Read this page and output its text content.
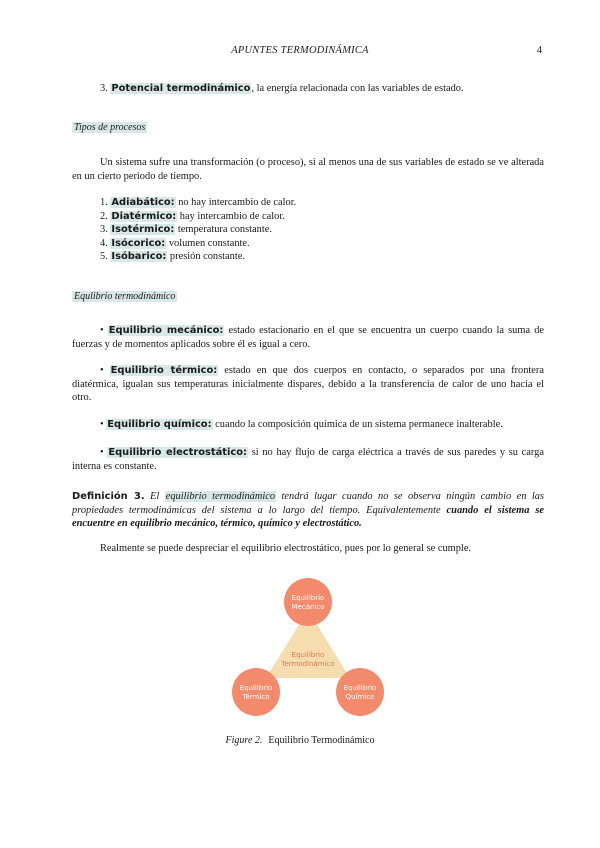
APUNTES TERMODINÁMICA	4
3. Potencial termodinámico, la energía relacionada con las variables de estado.
Tipos de procesos
Un sistema sufre una transformación (o proceso), si al menos una de sus variables de estado se ve alterada en un cierto periodo de tiempo.
1. Adiabático: no hay intercambio de calor.
2. Diatérmico: hay intercambio de calor.
3. Isotérmico: temperatura constante.
4. Isócorico: volumen constante.
5. Isóbarico: presión constante.
Equlibrio termodinámico
• Equilibrio mecánico: estado estacionario en el que se encuentra un cuerpo cuando la suma de fuerzas y de momentos aplicados sobre él es igual a cero.
• Equilibrio térmico: estado en que dos cuerpos en contacto, o separados por una frontera diatérmica, igualan sus temperaturas inicialmente dispares, debido a la transferencia de calor de uno hacia el otro.
• Equilibrio químico: cuando la composición química de un sistema permanece inalterable.
• Equilibrio electrostático: si no hay flujo de carga eléctrica a través de sus paredes y su carga interna es constante.
Definición 3. El equilibrio termodinámico tendrá lugar cuando no se observa ningún cambio en las propiedades termodinámicas del sistema a lo largo del tiempo. Equivalentemente cuando el sistema se encuentre en equilibrio mecánico, térmico, químico y electrostático.
Realmente se puede despreciar el equilibrio electrostático, pues por lo general se cumple.
Equilibrio
Mecánico
Equilibrio
Térmico
Equilibrio
Químico
Equilibrio
Termodinámico
Figure 2. Equilibrio Termodinámico
